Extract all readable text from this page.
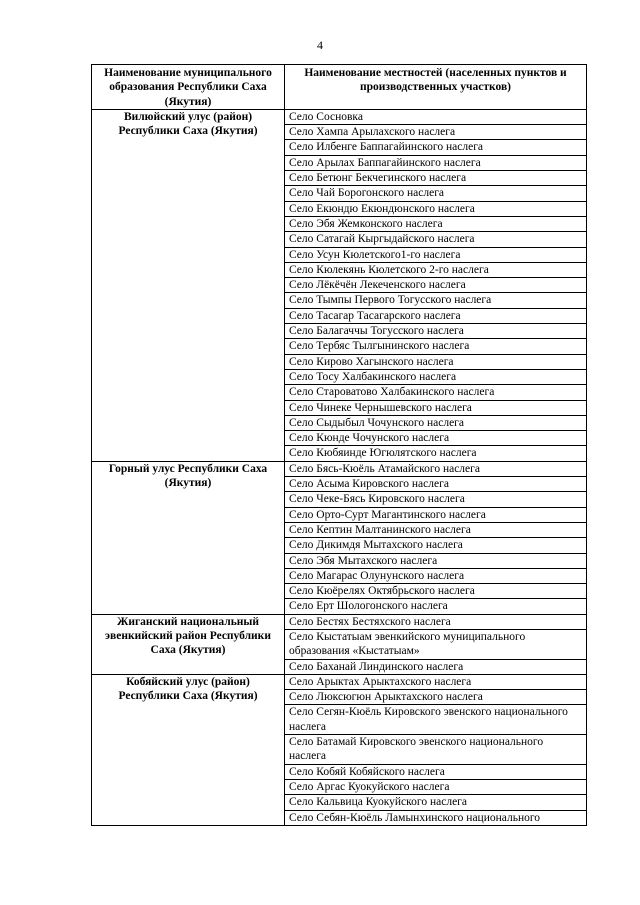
4
Наименование муниципального образования Республики Саха (Якутия)	Наименование местностей (населенных пунктов и производственных участков)
Вилюйский улус (район) Республики Саха (Якутия)	Село Сосновка
	Село Хампа Арылахского наслега
	Село Илбенге Баппагайинского наслега
	Село Арылах Баппагайинского наслега
	Село Бетюнг Бекчегинского наслега
	Село Чай Борогонского наслега
	Село Екюндю Екюндюнского наслега
	Село Эбя Жемконского наслега
	Село Сатагай Кыргыдайского наслега
	Село Усун Кюлетского1-го наслега
	Село Кюлекянь Кюлетского 2-го наслега
	Село Лёкёчён Лекеченского наслега
	Село Тымпы Первого Тогусского наслега
	Село Тасагар Тасагарского наслега
	Село Балагаччы Тогусского наслега
	Село Тербяс Тылгынинского наслега
	Село Кирово Хагынского наслега
	Село Тосу Халбакинского наслега
	Село Староватово Халбакинского наслега
	Село Чинеке Чернышевского наслега
	Село Сыдыбыл Чочунского наслега
	Село Кюнде Чочунского наслега
	Село Кюбяинде Югюлятского наслега
Горный улус Республики Саха (Якутия)	Село Бясь-Кюёль Атамайского наслега
	Село Асыма Кировского наслега
	Село Чеке-Бясь Кировского наслега
	Село Орто-Сурт Магантинского наслега
	Село Кептин Малтанинского наслега
	Село Дикимдя Мытахского наслега
	Село Эбя Мытахского наслега
	Село Магарас Олунунского наслега
	Село Кюёрелях Октябрьского наслега
	Село Ерт Шологонского наслега
Жиганский национальный эвенкийский район Республики Саха (Якутия)	Село Бестях Бестяхского наслега
	Село Кыстатыам эвенкийского муниципального образования «Кыстатыам»
	Село Баханай Линдинского наслега
Кобяйский улус (район) Республики Саха (Якутия)	Село Арыктах Арыктахского наслега
	Село Люксюгюн Арыктахского наслега
	Село Сегян-Кюёль Кировского эвенского национального наслега
	Село Батамай Кировского эвенского национального наслега
	Село Кобяй Кобяйского наслега
	Село Аргас Куокуйского наслега
	Село Кальвица Куокуйского наслега
	Село Себян-Кюёль Ламынхинского национального
